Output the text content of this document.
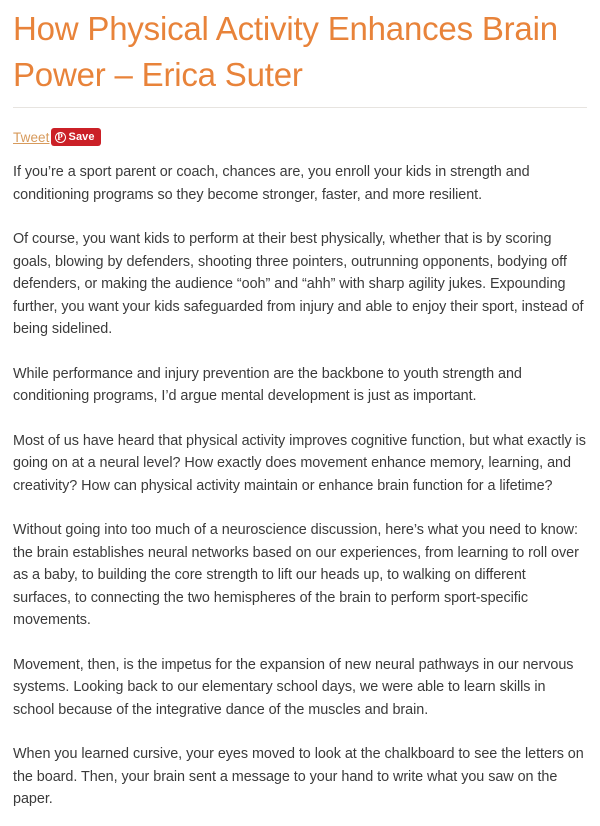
How Physical Activity Enhances Brain Power – Erica Suter
Tweet P Save

If you’re a sport parent or coach, chances are, you enroll your kids in strength and conditioning programs so they become stronger, faster, and more resilient.

Of course, you want kids to perform at their best physically, whether that is by scoring goals, blowing by defenders, shooting three pointers, outrunning opponents, bodying off defenders, or making the audience “ooh” and “ahh” with sharp agility jukes. Expounding further, you want your kids safeguarded from injury and able to enjoy their sport, instead of being sidelined.

While performance and injury prevention are the backbone to youth strength and conditioning programs, I’d argue mental development is just as important.

Most of us have heard that physical activity improves cognitive function, but what exactly is going on at a neural level? How exactly does movement enhance memory, learning, and creativity? How can physical activity maintain or enhance brain function for a lifetime?

Without going into too much of a neuroscience discussion, here’s what you need to know: the brain establishes neural networks based on our experiences, from learning to roll over as a baby, to building the core strength to lift our heads up, to walking on different surfaces, to connecting the two hemispheres of the brain to perform sport-specific movements.

Movement, then, is the impetus for the expansion of new neural pathways in our nervous systems. Looking back to our elementary school days, we were able to learn skills in school because of the integrative dance of the muscles and brain.

When you learned cursive, your eyes moved to look at the chalkboard to see the letters on the board. Then, your brain sent a message to your hand to write what you saw on the paper.
